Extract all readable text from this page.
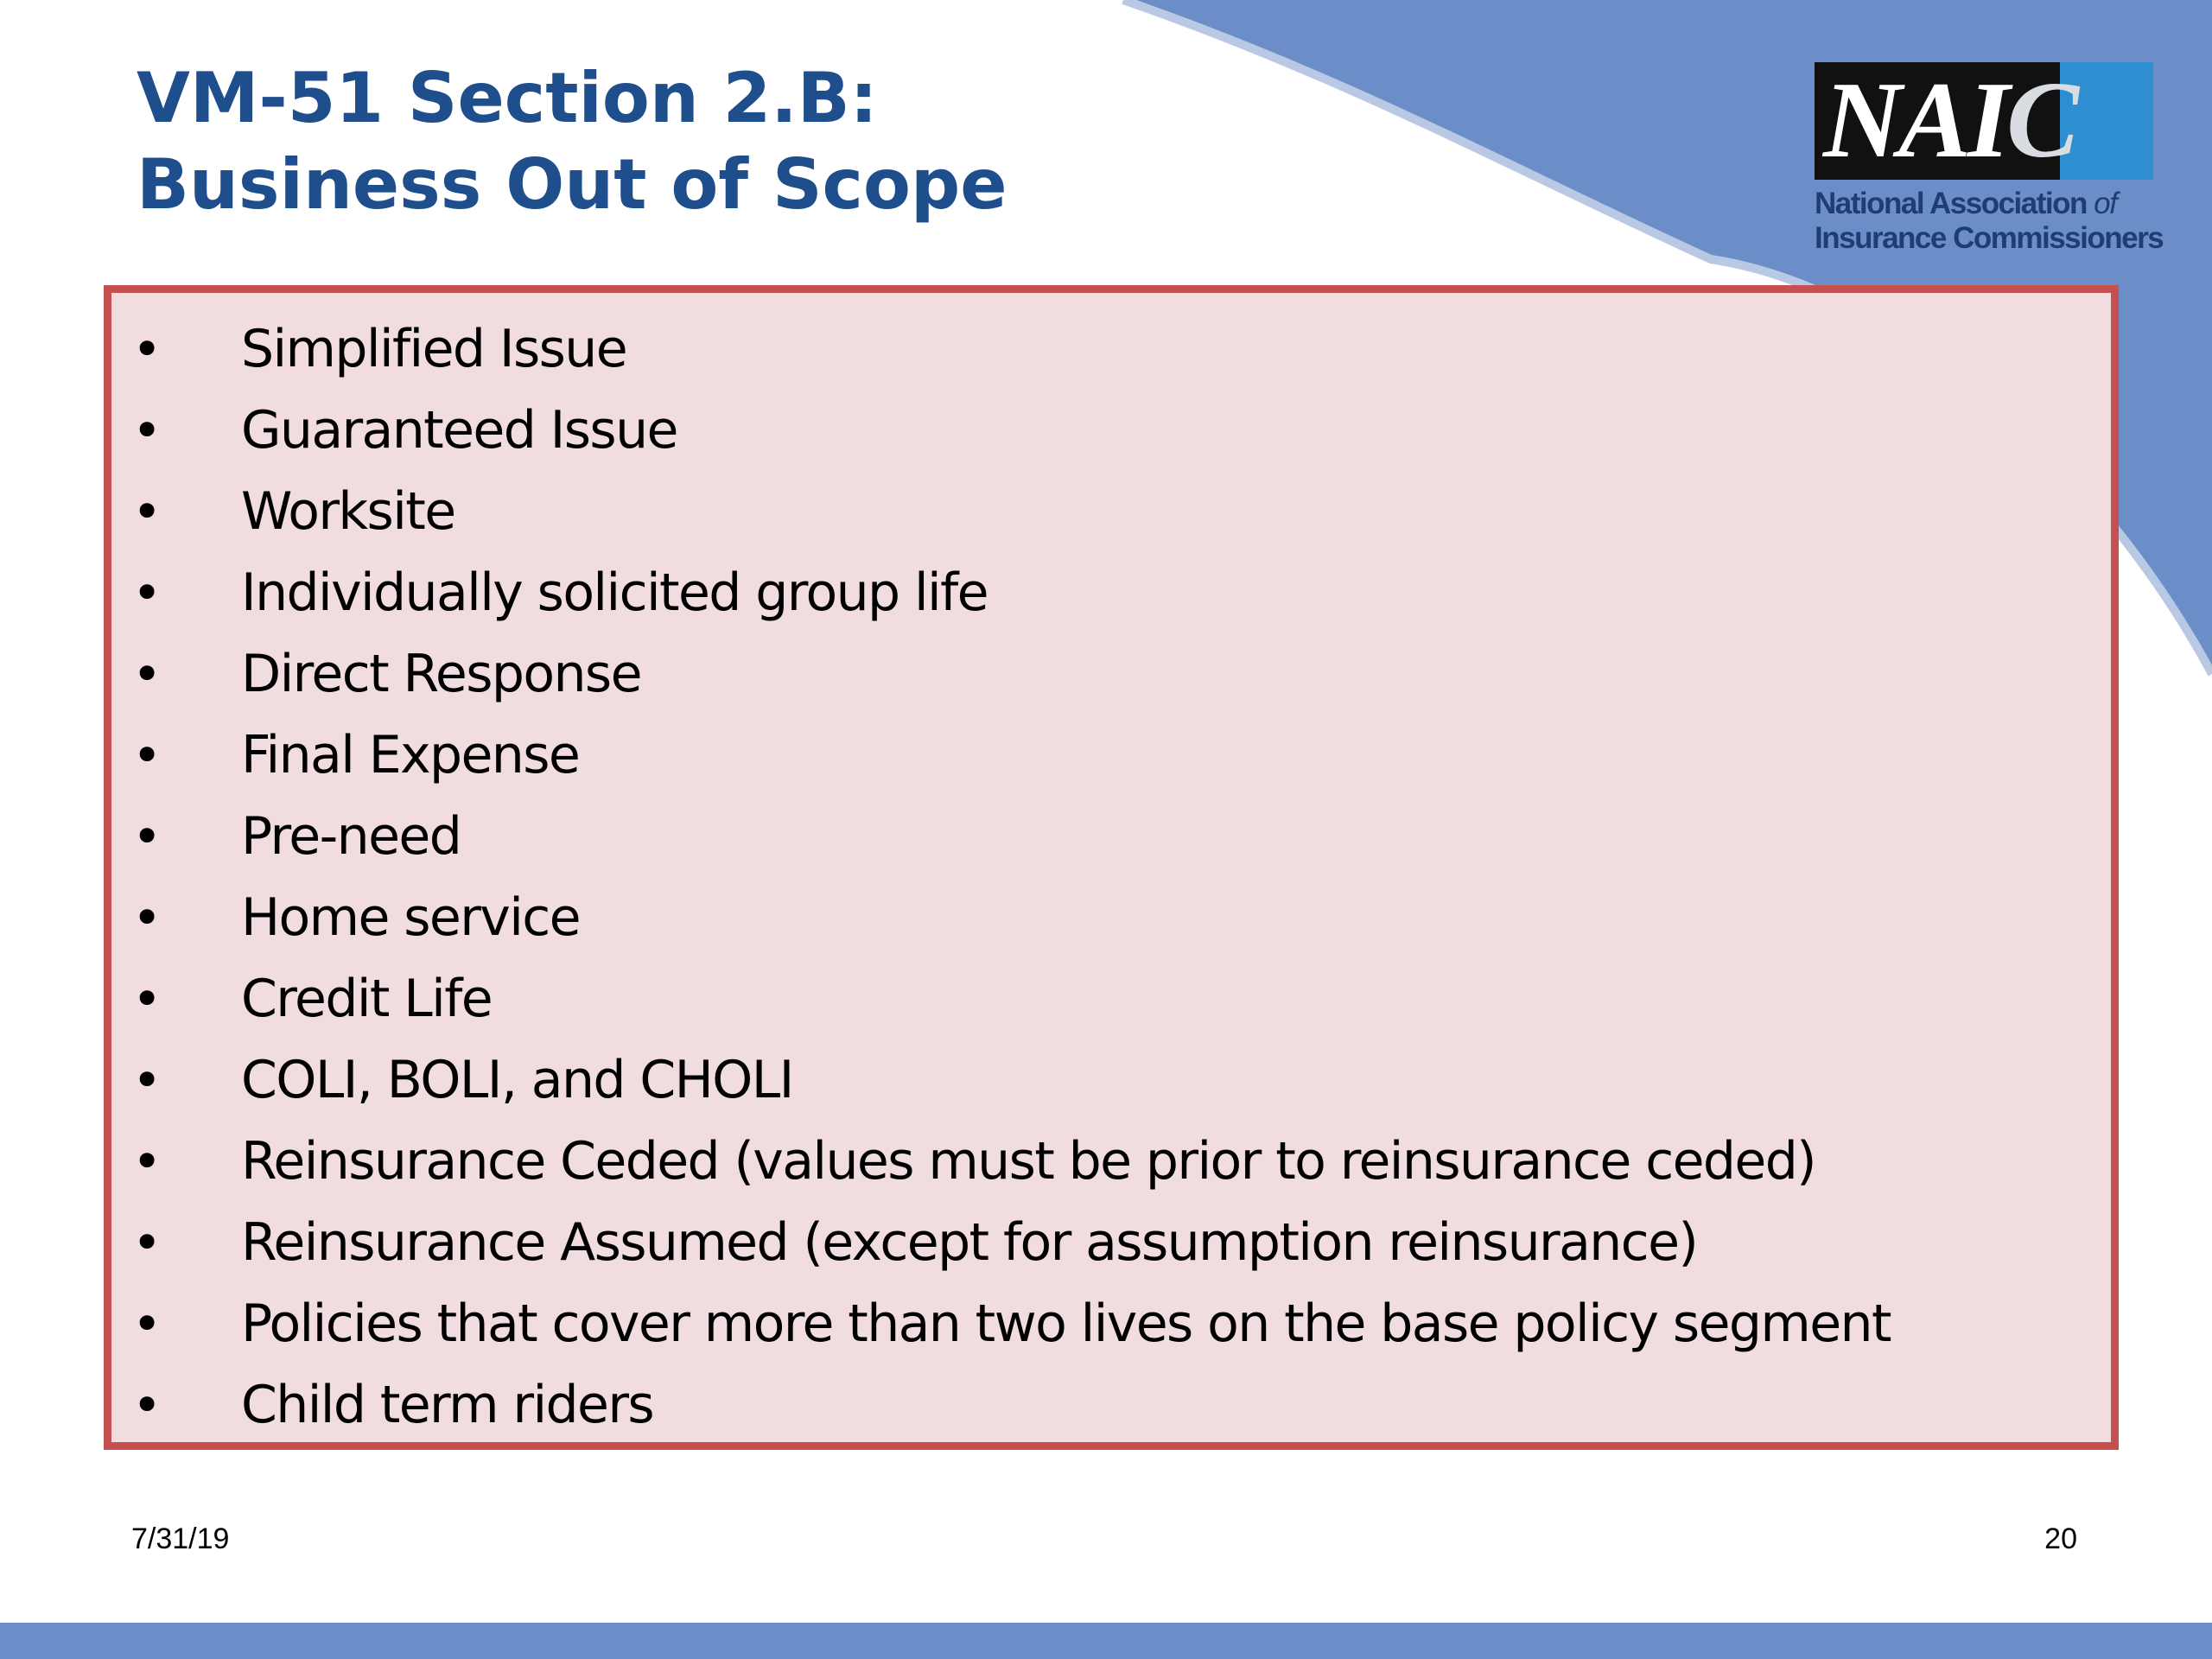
VM-51 Section 2.B:
Business Out of Scope
NAIC
National Association of
Insurance Commissioners
• Simplified Issue
• Guaranteed Issue
• Worksite
• Individually solicited group life
• Direct Response
• Final Expense
• Pre-need
• Home service
• Credit Life
• COLI, BOLI, and CHOLI
• Reinsurance Ceded (values must be prior to reinsurance ceded)
• Reinsurance Assumed (except for assumption reinsurance)
• Policies that cover more than two lives on the base policy segment
• Child term riders
7/31/19	20
